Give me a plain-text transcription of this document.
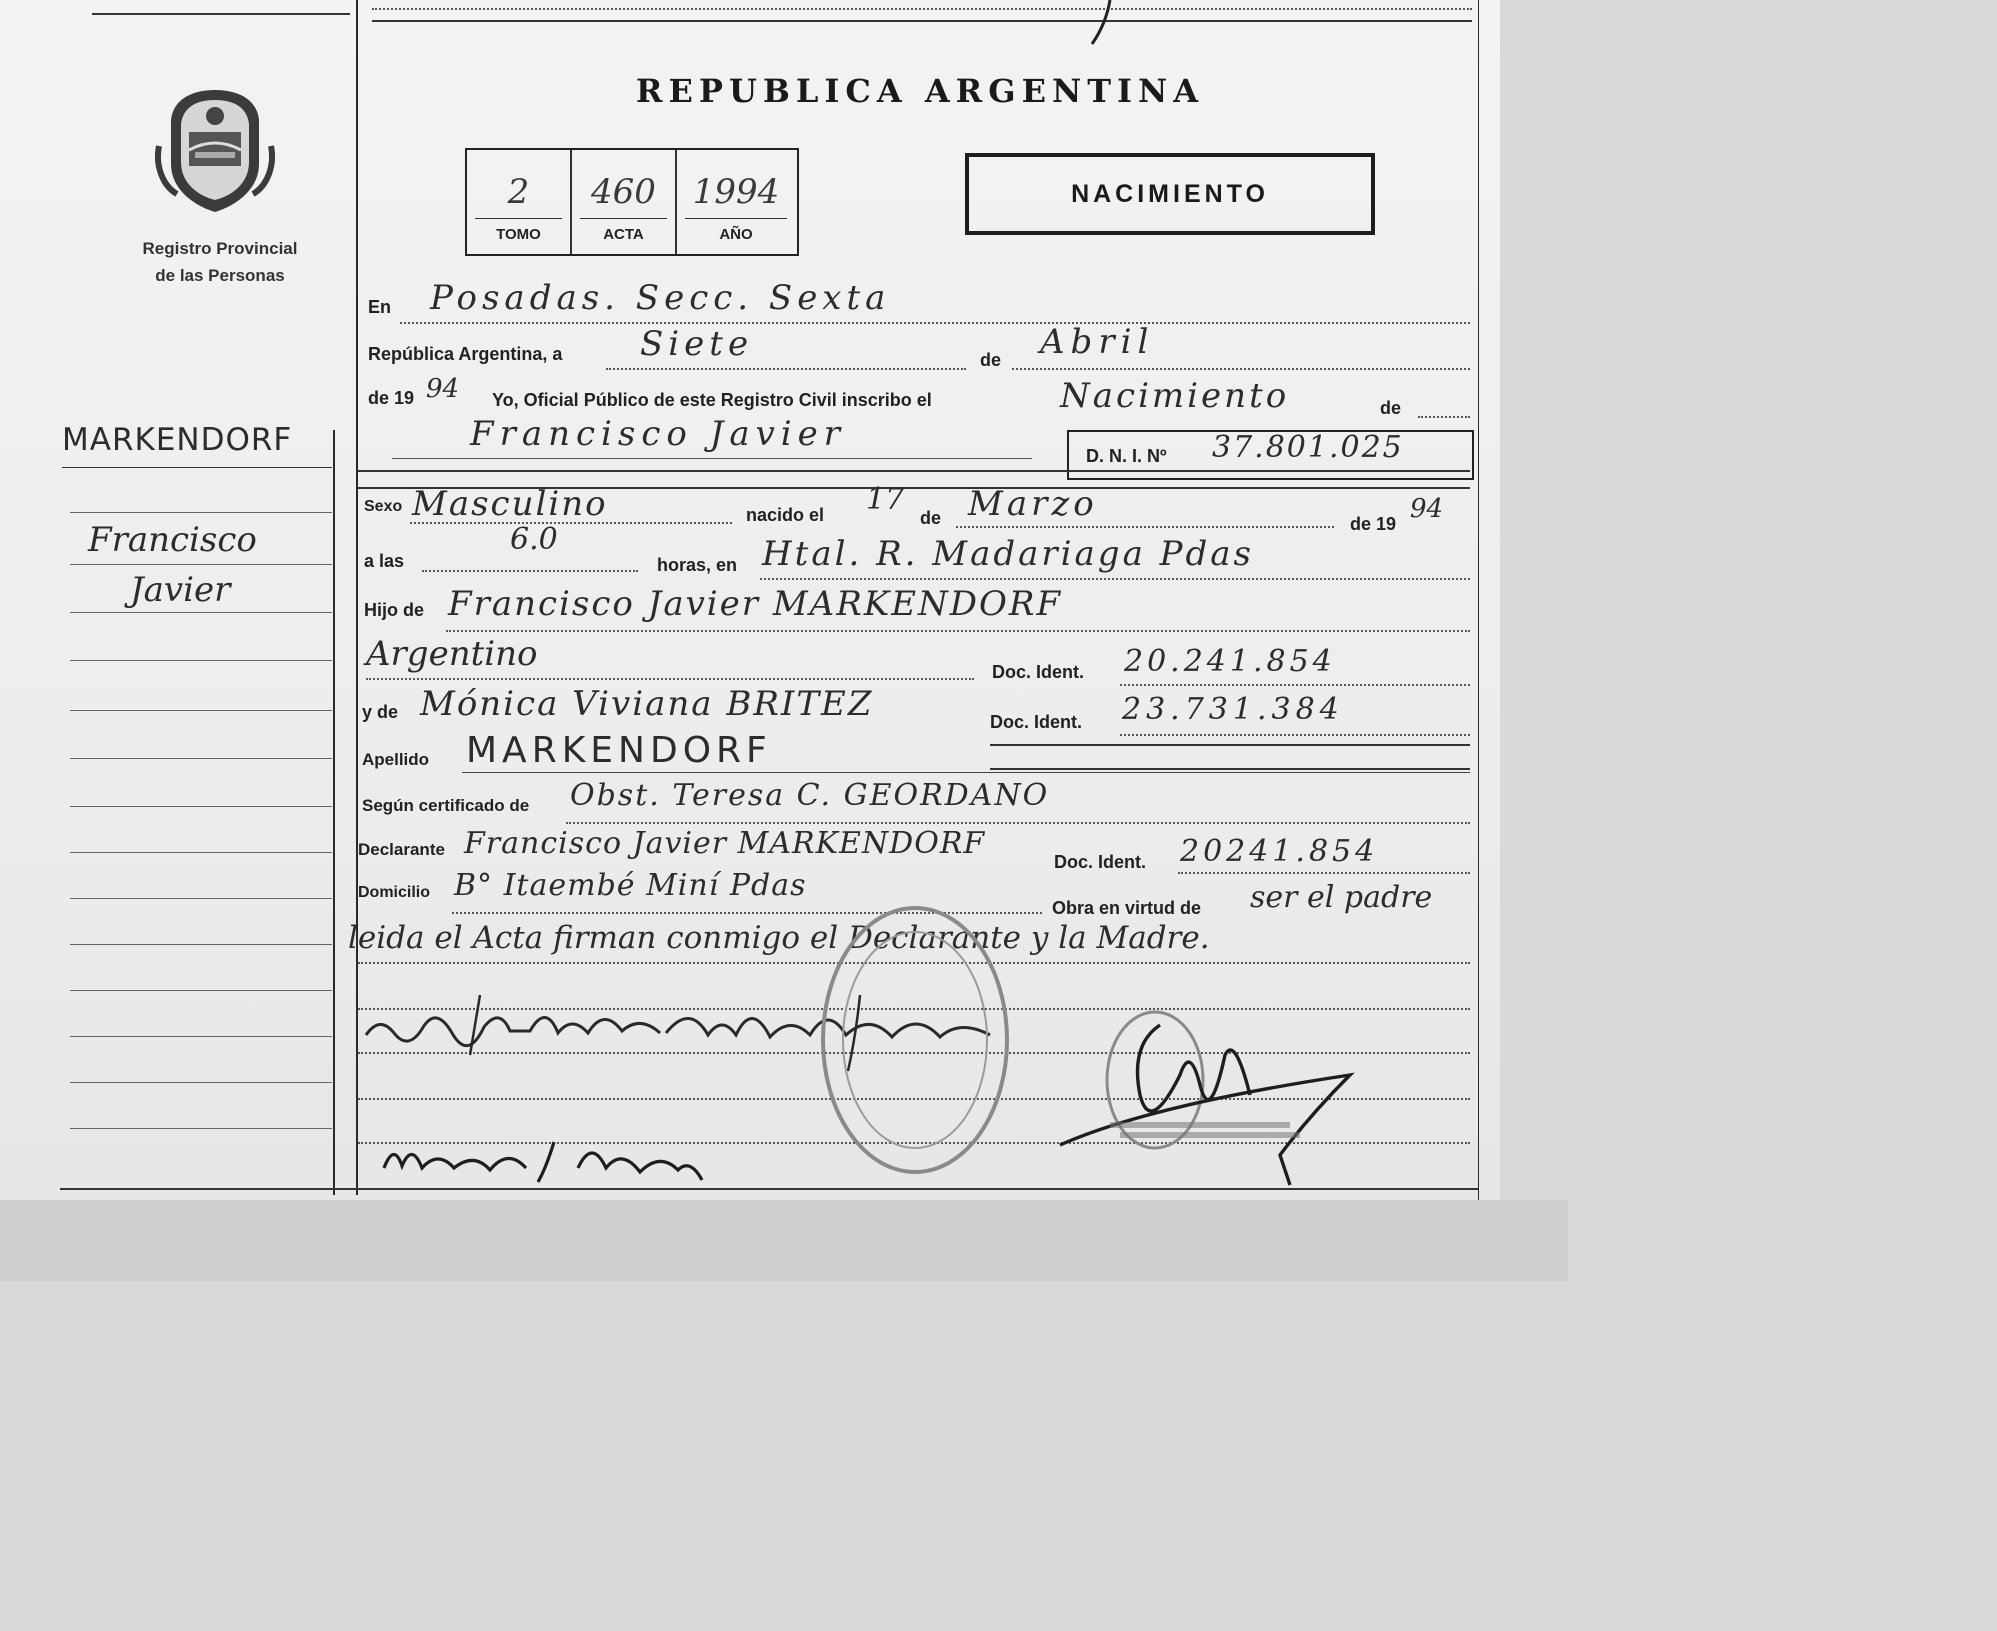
Registro Provincial
de las Personas
MARKENDORF
Francisco
Javier
REPUBLICA ARGENTINA
2
TOMO
460
ACTA
1994
AÑO
NACIMIENTO
En Posadas. Secc. Sexta
República Argentina, a Siete	de Abril
de 19 94 Yo, Oficial Público de este Registro Civil inscribo el	Nacimiento	de
Francisco Javier
D. N. I. Nº 37.801.025
Sexo Masculino	nacido el 17
de Marzo	de 19 94
a las
6.0
horas, en Htal. R. Madariaga Pdas
Hijo de Francisco Javier MARKENDORF
Argentino	Doc. Ident. 20.241.854
y de Mónica Viviana BRITEZ	Doc. Ident. 23.731.384
Apellido MARKENDORF
Según certificado de Obst. Teresa C. GEORDANO
Declarante Francisco Javier MARKENDORF
Doc. Ident. 20241.854
Domicilio B° Itaembé Miní Pdas
Obra en virtud de ser el padre
leida el Acta firman conmigo el Declarante y la Madre.
